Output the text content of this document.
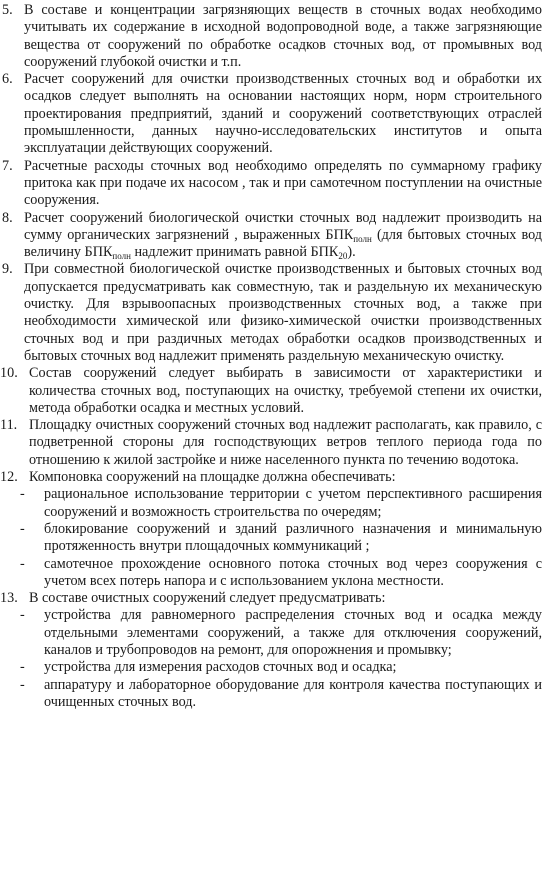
5. В составе и концентрации загрязняющих веществ в сточных водах необходимо учитывать их содержание в исходной водопроводной воде, а также загрязняющие вещества от сооружений по обработке осадков сточных вод, от промывных вод сооружений глубокой очистки и т.п.
6. Расчет сооружений для очистки производственных сточных вод и обработки их осадков следует выполнять на основании настоящих норм, норм строительного проектирования предприятий, зданий и сооружений соответствующих отраслей промышленности, данных научно-исследовательских институтов и опыта эксплуатации действующих сооружений.
7. Расчетные расходы сточных вод необходимо определять по суммарному графику притока как при подаче их насосом , так и при самотечном поступлении на очистные сооружения.
8. Расчет сооружений биологической очистки сточных вод надлежит производить на сумму органических загрязнений , выраженных $БПК_{полн}$ (для бытовых сточных вод величину $БПК_{полн}$ надлежит принимать равной $БПК_{20}$).
9. При совместной биологической очистке производственных и бытовых сточных вод допускается предусматривать как совместную, так и раздельную их механическую очистку. Для взрывоопасных производственных сточных вод, а также при необходимости химической или физико-химической очистки производственных сточных вод и при раздичных методах обработки осадков производственных и бытовых сточных вод надлежит применять раздельную механическую очистку.
10. Состав сооружений следует выбирать в зависимости от характеристики и количества сточных вод, поступающих на очистку, требуемой степени их очистки, метода обработки осадка и местных условий.
11. Площадку очистных сооружений сточных вод надлежит располагать, как правило, с подветренной стороны для господствующих ветров теплого периода года по отношению к жилой застройке и ниже населенного пункта по течению водотока.
12. Компоновка сооружений на площадке должна обеспечивать:
-	рациональное использование территории с учетом перспективного расширения сооружений и возможность строительства по очередям;
-	блокирование сооружений и зданий различного назначения и минимальную протяженность внутри площадочных коммуникаций ;
-	самотечное прохождение основного потока сточных вод через сооружения с учетом всех потерь напора и с использованием уклона местности.
13. В составе очистных сооружений следует предусматривать:
-	устройства для равномерного распределения сточных вод и осадка между отдельными элементами сооружений, а также для отключения сооружений, каналов и трубопроводов на ремонт, для опорожнения и промывку;
-	устройства для измерения расходов сточных вод и осадка;
-	аппаратуру и лабораторное оборудование для контроля качества поступающих и очищенных сточных вод.
